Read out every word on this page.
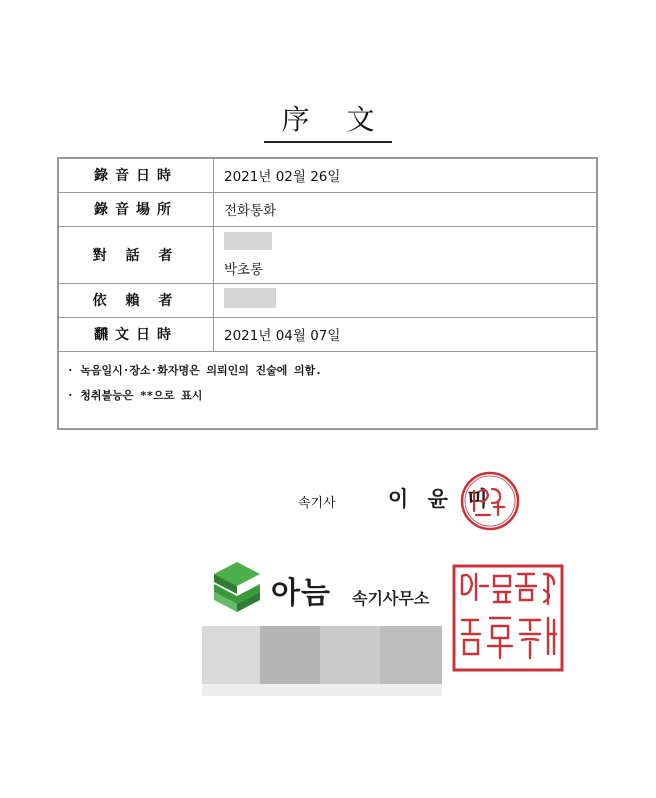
序 文
錄音日時	2021년 02월 26일
錄音場所	전화통화
對 話 者	박초롱

依 賴 者	
飜文日時	2021년 04월 07일

· 녹음일시·장소·화자명은 의뢰인의 진술에 의함.
· 청취불능은 **으로 표시	
속기사 이 윤 미
아늠 속기사무소
